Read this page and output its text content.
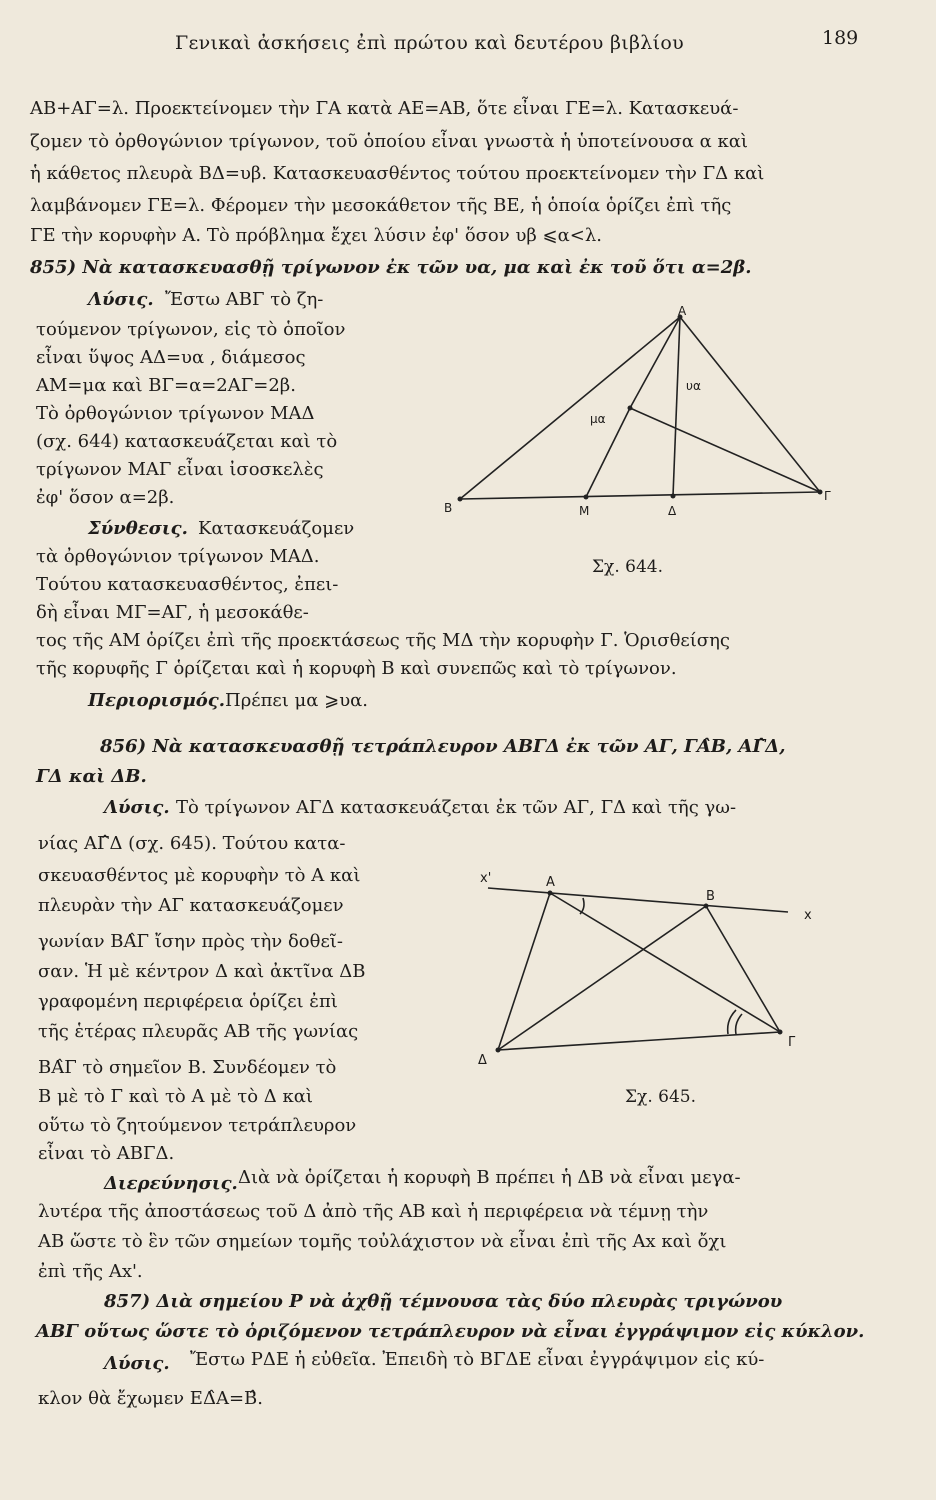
Γενικαὶ ἀσκήσεις ἐπὶ πρώτου καὶ δευτέρου βιβλίου	189
ΑΒ+ΑΓ=λ. Προεκτείνομεν τὴν ΓΑ κατὰ ΑΕ=ΑΒ, ὅτε εἶναι ΓΕ=λ. Κατασκευά-
ζομεν τὸ ὀρθογώνιον τρίγωνον, τοῦ ὁποίου εἶναι γνωστὰ ἡ ὑποτείνουσα α καὶ
ἡ κάθετος πλευρὰ ΒΔ=υβ. Κατασκευασθέντος τούτου προεκτείνομεν τὴν ΓΔ καὶ
λαμβάνομεν ΓΕ=λ. Φέρομεν τὴν μεσοκάθετον τῆς ΒΕ, ἡ ὁποία ὁρίζει ἐπὶ τῆς
ΓΕ τὴν κορυφὴν Α. Τὸ πρόβλημα ἔχει λύσιν ἐφ' ὅσον υβ ⩽α<λ.
855) Νὰ κατασκευασθῇ τρίγωνον ἐκ τῶν υα, μα καὶ ἐκ τοῦ ὅτι α=2β.
Λύσις. Ἔστω ΑΒΓ τὸ ζη-
τούμενον τρίγωνον, εἰς τὸ ὁποῖον
εἶναι ὕψος ΑΔ=υα , διάμεσος
ΑΜ=μα καὶ ΒΓ=α=2ΑΓ=2β.
Τὸ ὀρθογώνιον τρίγωνον ΜΑΔ
(σχ. 644) κατασκευάζεται καὶ τὸ
τρίγωνον ΜΑΓ εἶναι ἰσοσκελὲς
ἐφ' ὅσον α=2β.
Σύνθεσις. Κατασκευάζομεν
τὰ ὀρθογώνιον τρίγωνον ΜΑΔ.
Τούτου κατασκευασθέντος, ἐπει-
δὴ εἶναι ΜΓ=ΑΓ, ἡ μεσοκάθε-
τος τῆς ΑΜ ὁρίζει ἐπὶ τῆς προεκτάσεως τῆς ΜΔ τὴν κορυφὴν Γ. Ὁρισθείσης
τῆς κορυφῆς Γ ὁρίζεται καὶ ἡ κορυφὴ Β καὶ συνεπῶς καὶ τὸ τρίγωνον.
Περιορισμός. Πρέπει μα ⩾υα.
A
B
Γ
M	Δ
υα
μα
Σχ. 644.
856) Νὰ κατασκευασθῇ τετράπλευρον ΑΒΓΔ ἐκ τῶν ΑΓ, ΓΑ̂Β, ΑΓ̂Δ,
ΓΔ καὶ ΔΒ.
Λύσις. Τὸ τρίγωνον ΑΓΔ κατασκευάζεται ἐκ τῶν ΑΓ, ΓΔ καὶ τῆς γω-
νίας ΑΓ̂Δ (σχ. 645). Τούτου κατα-
σκευασθέντος μὲ κορυφὴν τὸ Α καὶ
πλευρὰν τὴν ΑΓ κατασκευάζομεν
γωνίαν ΒΑ̂Γ ἴσην πρὸς τὴν δοθεῖ-
σαν. Ἡ μὲ κέντρον Δ καὶ ἀκτῖνα ΔΒ
γραφομένη περιφέρεια ὁρίζει ἐπὶ
τῆς ἑτέρας πλευρᾶς ΑΒ τῆς γωνίας
ΒΑ̂Γ τὸ σημεῖον Β. Συνδέομεν τὸ
Β μὲ τὸ Γ καὶ τὸ Α μὲ τὸ Δ καὶ
οὕτω τὸ ζητούμενον τετράπλευρον
εἶναι τὸ ΑΒΓΔ.
x'	A
B
x
Γ
Δ
Σχ. 645.
Διερεύνησις. Διὰ νὰ ὁρίζεται ἡ κορυφὴ Β πρέπει ἡ ΔΒ νὰ εἶναι μεγα-
λυτέρα τῆς ἀποστάσεως τοῦ Δ ἀπὸ τῆς ΑΒ καὶ ἡ περιφέρεια νὰ τέμνῃ τὴν
ΑΒ ὥστε τὸ ἓν τῶν σημείων τομῆς τοὐλάχιστον νὰ εἶναι ἐπὶ τῆς Αx καὶ ὄχι
ἐπὶ τῆς Ax'.
857) Διὰ σημείου Ρ νὰ ἀχθῇ τέμνουσα τὰς δύο πλευρὰς τριγώνου
ΑΒΓ οὕτως ὥστε τὸ ὁριζόμενον τετράπλευρον νὰ εἶναι ἐγγράψιμον εἰς κύκλον.
Λύσις. Ἔστω ΡΔΕ ἡ εὐθεῖα. Ἐπειδὴ τὸ ΒΓΔΕ εἶναι ἐγγράψιμον εἰς κύ-
κλον θὰ ἔχωμεν ΕΔ̂Α=Β̂.
